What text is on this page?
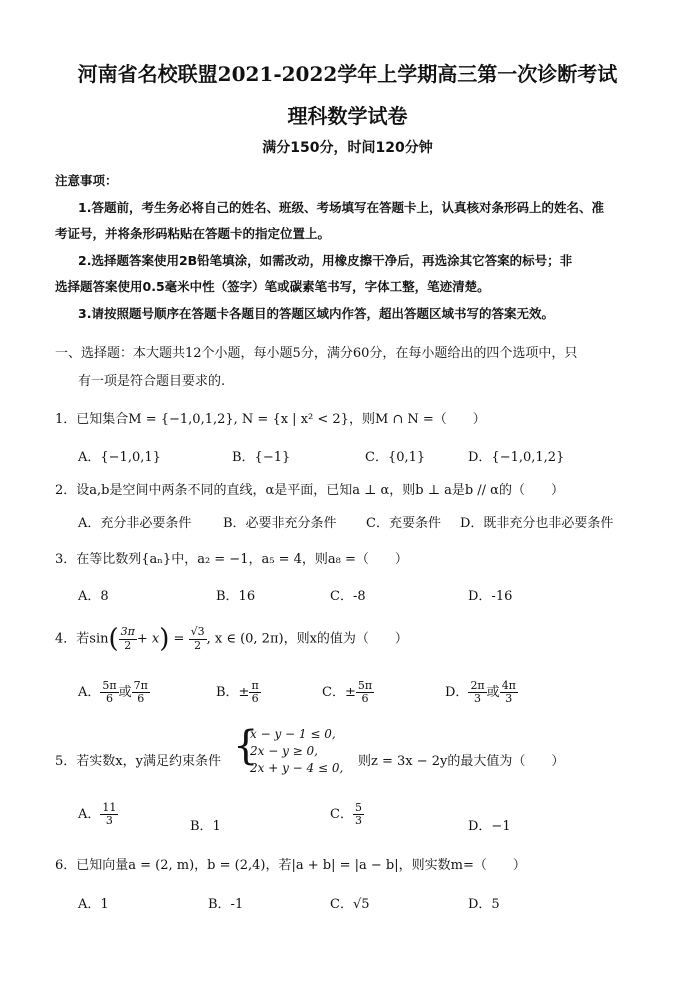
河南省名校联盟2021-2022学年上学期高三第一次诊断考试
理科数学试卷
满分150分，时间120分钟
注意事项：
1.答题前，考生务必将自己的姓名、班级、考场填写在答题卡上，认真核对条形码上的姓名、准
考证号，并将条形码粘贴在答题卡的指定位置上。
2.选择题答案使用2B铅笔填涂，如需改动，用橡皮擦干净后，再选涂其它答案的标号；非
选择题答案使用0.5毫米中性（签字）笔或碳素笔书写，字体工整，笔迹清楚。
3.请按照题号顺序在答题卡各题目的答题区域内作答，超出答题区域书写的答案无效。
一、选择题：本大题共12个小题，每小题5分，满分60分，在每小题给出的四个选项中，只
有一项是符合题目要求的.
1．已知集合M = {−1,0,1,2}, N = {x | x² < 2}，则M ∩ N =（　　）
A．{−1,0,1}	B．{−1}	C．{0,1}	D．{−1,0,1,2}
2．设a,b是空间中两条不同的直线，α是平面，已知a ⊥ α，则b ⊥ a是b // α的（　　）
A．充分非必要条件 B．必要非充分条件 C．充要条件 D．既非充分也非必要条件
3．在等比数列{aₙ}中，a₂ = −1，a₅ = 4，则a₈ =（　　）
A．8	B．16	C．-8	D．-16
4．若$\sin( \frac{3\pi}{2} + x) = \frac{√3}{2}$ , x ∈ (0, 2π)，则x的值为（　　）
A． $\frac{5\pi}{6}$ 或 $\frac{7\pi}{6}$	B．± $\frac{\pi}{6}$	C．± $\frac{5\pi}{6}$	D． $\frac{2\pi}{3}$ 或 $\frac{4\pi}{3}$
5．若实数x，y满足约束条件 {
x − y − 1 ≤ 0,
2x − y ≥ 0,
2x + y − 4 ≤ 0, 则z = 3x − 2y的最大值为（　　）
A． $\frac{11}{3}$	B．1
C． $\frac{5}{3}$	D．−1
6．已知向量a = (2, m)，b = (2,4)，若|a + b| = |a − b|，则实数m=（　　）
A．1	B．-1	C．√5	D．5
